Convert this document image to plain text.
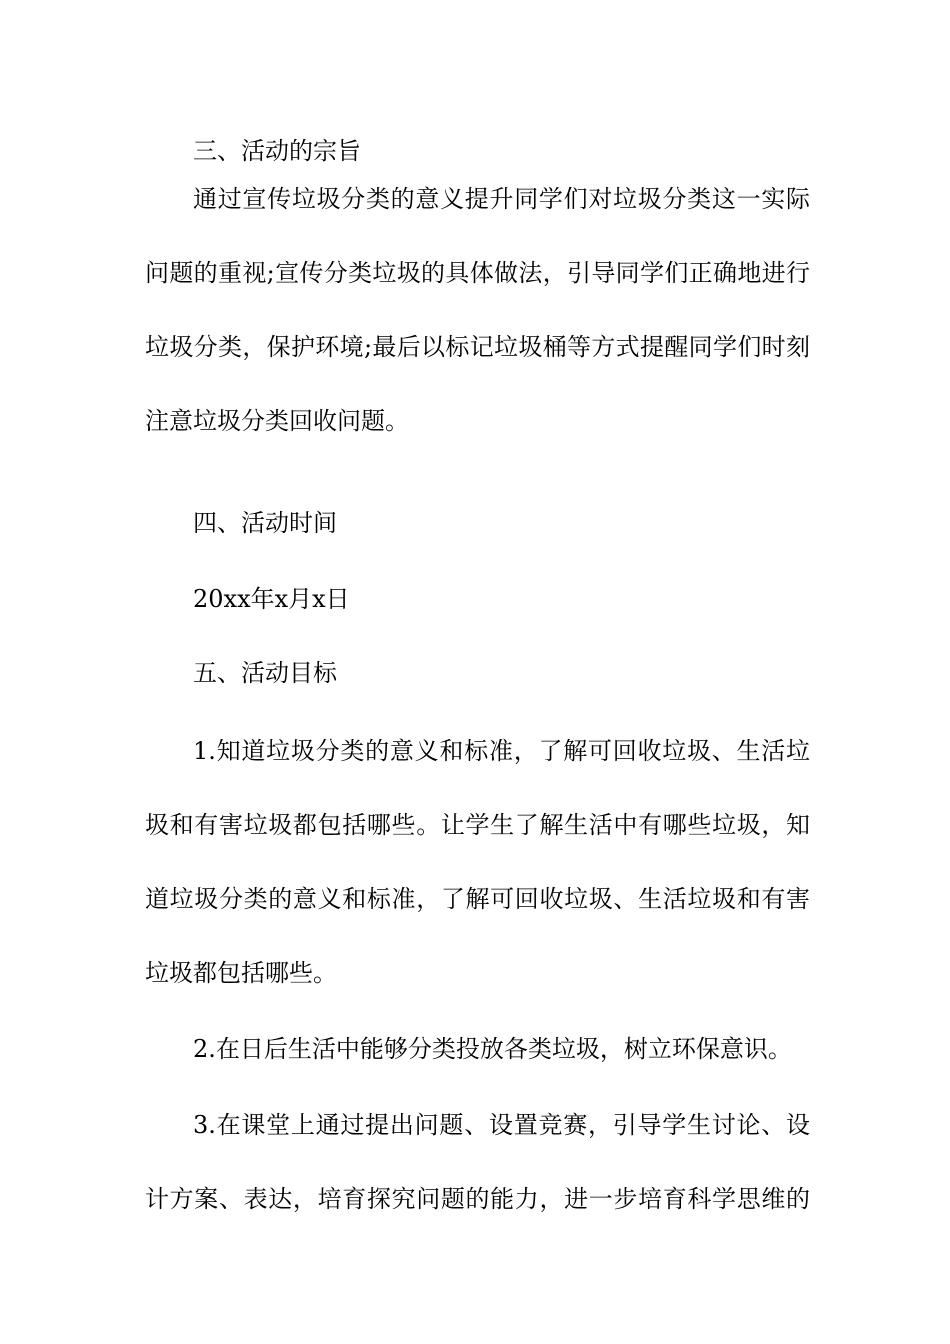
三、活动的宗旨
通过宣传垃圾分类的意义提升同学们对垃圾分类这一实际
问题的重视;宣传分类垃圾的具体做法，引导同学们正确地进行
垃圾分类，保护环境;最后以标记垃圾桶等方式提醒同学们时刻
注意垃圾分类回收问题。
四、活动时间
20xx年x月x日
五、活动目标
1.知道垃圾分类的意义和标准，了解可回收垃圾、生活垃
圾和有害垃圾都包括哪些。让学生了解生活中有哪些垃圾，知
道垃圾分类的意义和标准，了解可回收垃圾、生活垃圾和有害
垃圾都包括哪些。
2.在日后生活中能够分类投放各类垃圾，树立环保意识。
3.在课堂上通过提出问题、设置竞赛，引导学生讨论、设
计方案、表达，培育探究问题的能力，进一步培育科学思维的
